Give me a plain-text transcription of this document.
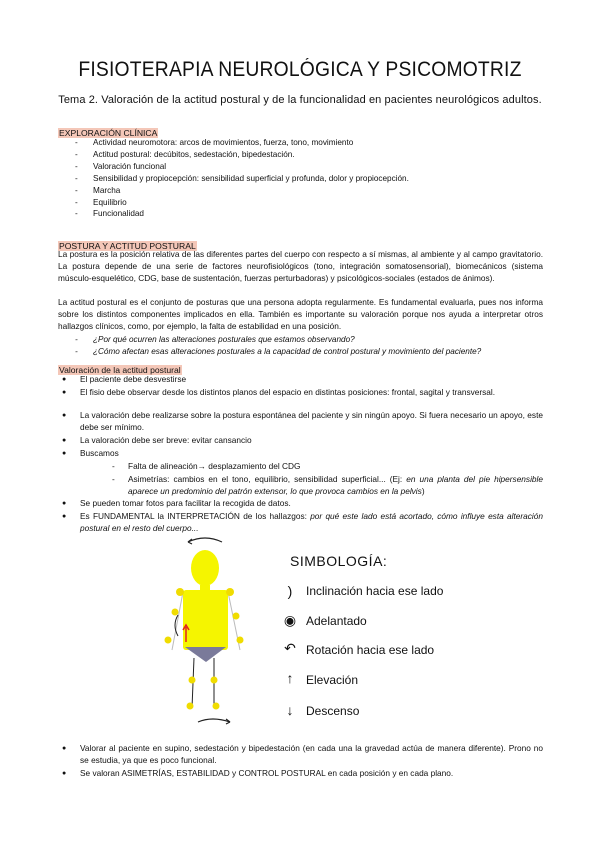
FISIOTERAPIA NEUROLÓGICA Y PSICOMOTRIZ
Tema 2. Valoración de la actitud postural y de la funcionalidad en pacientes neurológicos adultos.
EXPLORACIÓN CLÍNICA
- Actividad neuromotora: arcos de movimientos, fuerza, tono, movimiento
- Actitud postural: decúbitos, sedestación, bipedestación.
- Valoración funcional
- Sensibilidad y propiocepción: sensibilidad superficial y profunda, dolor y propiocepción.
- Marcha
- Equilibrio
- Funcionalidad
POSTURA Y ACTITUD POSTURAL
La postura es la posición relativa de las diferentes partes del cuerpo con respecto a sí mismas, al ambiente y al campo gravitatorio. La postura depende de una serie de factores neurofisiológicos (tono, integración somatosensorial), biomecánicos (sistema músculo-esquelético, CDG, base de sustentación, fuerzas perturbadoras) y psicológicos-sociales (estados de ánimos).
La actitud postural es el conjunto de posturas que una persona adopta regularmente. Es fundamental evaluarla, pues nos informa sobre los distintos componentes implicados en ella. También es importante su valoración porque nos ayuda a interpretar otros hallazgos clínicos, como, por ejemplo, la falta de estabilidad en una posición.
- ¿Por qué ocurren las alteraciones posturales que estamos observando?
- ¿Cómo afectan esas alteraciones posturales a la capacidad de control postural y movimiento del paciente?
Valoración de la actitud postural
● El paciente debe desvestirse
● El fisio debe observar desde los distintos planos del espacio en distintas posiciones: frontal, sagital y transversal.
● La valoración debe realizarse sobre la postura espontánea del paciente y sin ningún apoyo. Si fuera necesario un apoyo, este debe ser mínimo.
● La valoración debe ser breve: evitar cansancio
● Buscamos
- Falta de alineación→ desplazamiento del CDG
- Asimetrías: cambios en el tono, equilibrio, sensibilidad superficial... (Ej: en una planta del pie hipersensible aparece un predominio del patrón extensor, lo que provoca cambios en la pelvis)
● Se pueden tomar fotos para facilitar la recogida de datos.
● Es FUNDAMENTAL la INTERPRETACIÓN de los hallazgos: por qué este lado está acortado, cómo influye esta alteración postural en el resto del cuerpo...
SIMBOLOGÍA:
)	Inclinación hacia ese lado
◉ Adelantado
↶ Rotación hacia ese lado
↑	Elevación
↓	Descenso
● Valorar al paciente en supino, sedestación y bipedestación (en cada una la gravedad actúa de manera diferente). Prono no se estudia, ya que es poco funcional.
● Se valoran ASIMETRÍAS, ESTABILIDAD y CONTROL POSTURAL en cada posición y en cada plano.
